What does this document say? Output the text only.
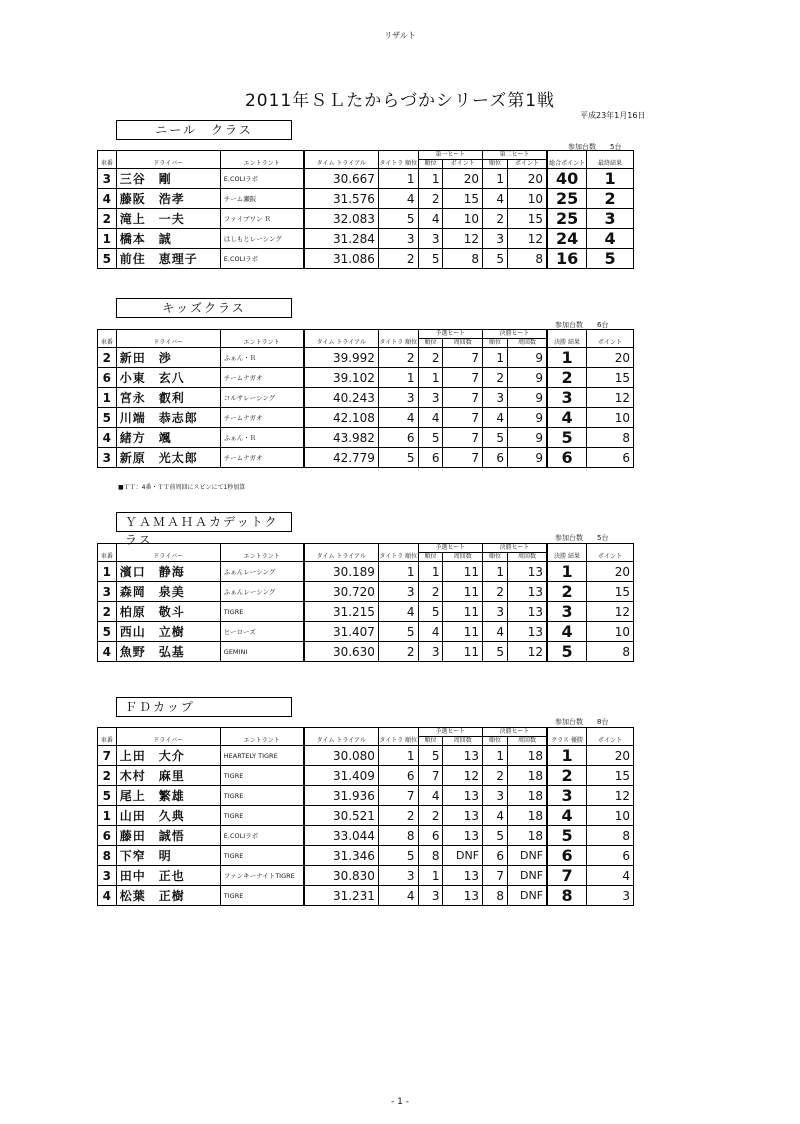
リザルト
2011年ＳＬたからづかシリーズ第1戦
平成23年1月16日
ニール　クラス
参加台数　　5台
車番	ドライバー	エントラント	タイム トライアル	タイトラ 順位	第一ヒート		第二ヒート		総合ポイント	最終結果
					順位	ポイント	順位	ポイント		
3	三谷　剛	E.COLIラボ	30.667	1	1	20	1	20	40	1
4	藤阪　浩孝	チーム瀬阪	31.576	4	2	15	4	10	25	2
2	滝上　一夫	ファイブワン Ｒ	32.083	5	4	10	2	15	25	3
1	橋本　誠	はしもとレーシング	31.284	3	3	12	3	12	24	4
5	前住　恵理子	E.COLIラボ	31.086	2	5	8	5	8	16	5
キッズクラス
参加台数　　6台
車番	ドライバー	エントラント	タイム トライアル	タイトラ 順位	予選ヒート		決勝ヒート		決勝 結果	ポイント
					順位	周回数	順位	周回数		
2	新田　渉	ふぁん・Ｒ	39.992	2	2	7	1	9	1	20
6	小東　玄八	チームナガオ	39.102	1	1	7	2	9	2	15
1	宮永　叡利	コルサレーシング	40.243	3	3	7	3	9	3	12
5	川端　恭志郎	チームナガオ	42.108	4	4	7	4	9	4	10
4	緒方　颯	ふぁん・Ｒ	43.982	6	5	7	5	9	5	8
3	新原　光太郎	チームナガオ	42.779	5	6	7	6	9	6	6
■ＴＴ：4番・ＴＴ前周回にスピンにて1秒加算
ＹＡＭＡＨＡカデットクラス	参加台数　　5台
車番	ドライバー	エントラント	タイム トライアル	タイトラ 順位	予選ヒート		決勝ヒート		決勝 結果	ポイント
					順位	周回数	順位	周回数		
1	濱口　静海	ふぁんレーシング	30.189	1	1	11	1	13	1	20
3	森岡　泉美	ふぁんレーシング	30.720	3	2	11	2	13	2	15
2	柏原　敬斗	TIGRE	31.215	4	5	11	3	13	3	12
5	西山　立樹	ヒーローズ	31.407	5	4	11	4	13	4	10
4	魚野　弘基	GEMINI	30.630	2	3	11	5	12	5	8
ＦＤカップ
参加台数　　8台
車番	ドライバー	エントラント	タイム トライアル	タイトラ 順位	予選ヒート		決勝ヒート		クラス 優勝	ポイント
					順位	周回数	順位	周回数		
7	上田　大介	HEARTELY TIGRE	30.080	1	5	13	1	18	1	20
2	木村　麻里	TIGRE	31.409	6	7	12	2	18	2	15
5	尾上　繁雄	TIGRE	31.936	7	4	13	3	18	3	12
1	山田　久典	TIGRE	30.521	2	2	13	4	18	4	10
6	藤田　誠悟	E.COLIラボ	33.044	8	6	13	5	18	5	8
8	下窄　明	TIGRE	31.346	5	8	DNF	6	DNF	6	6
3	田中　正也	ファンキーナイトTIGRE	30.830	3	1	13	7	DNF	7	4
4	松葉　正樹	TIGRE	31.231	4	3	13	8	DNF	8	3
- 1 -
